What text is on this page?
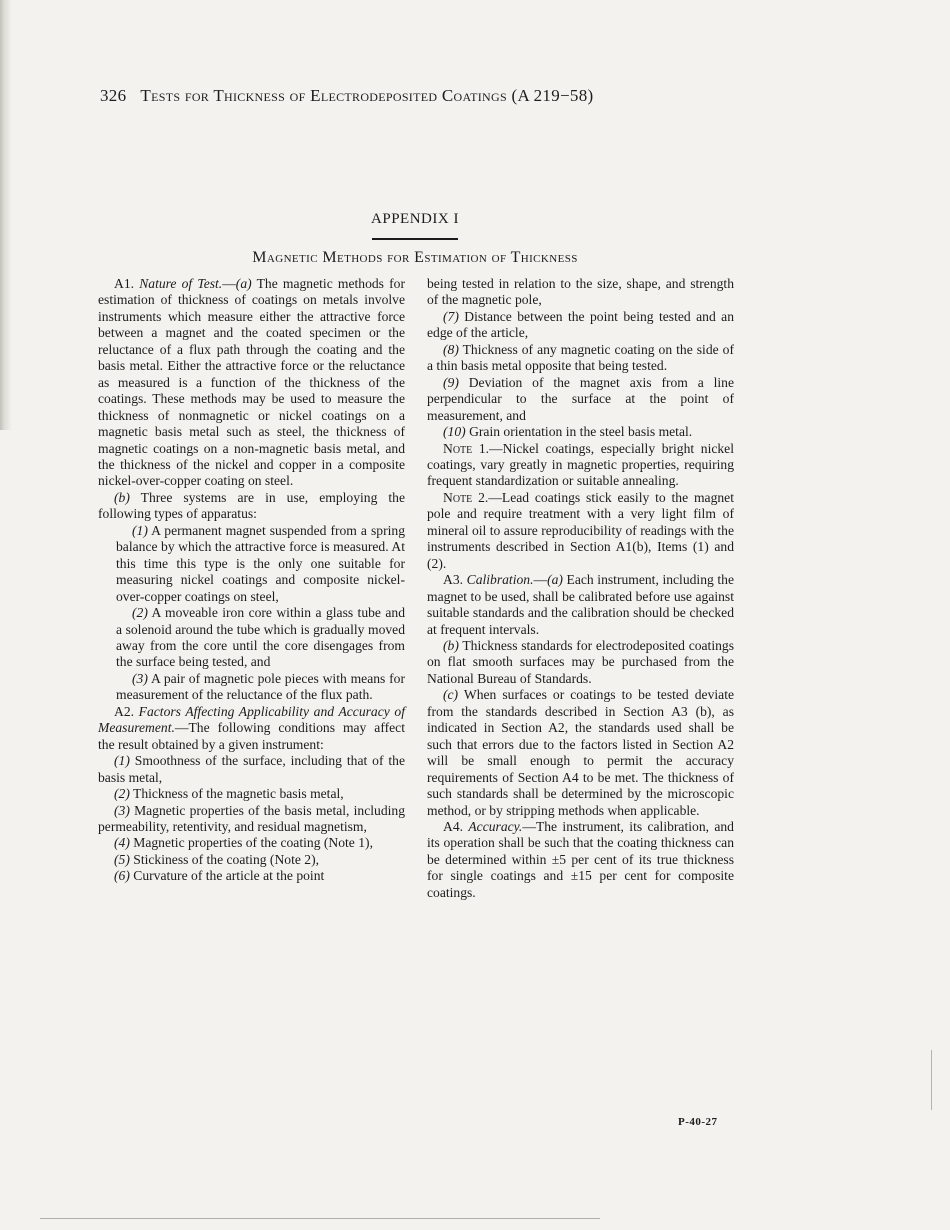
326 Tests for Thickness of Electrodeposited Coatings (A 219−58)
APPENDIX I
Magnetic Methods for Estimation of Thickness

A1. Nature of Test.—(a) The magnetic methods for estimation of thickness of coatings on metals involve instruments which measure either the attractive force between a magnet and the coated specimen or the reluctance of a flux path through the coating and the basis metal. Either the attractive force or the reluctance as measured is a function of the thickness of the coatings. These methods may be used to measure the thickness of nonmagnetic or nickel coatings on a magnetic basis metal such as steel, the thickness of magnetic coatings on a non-magnetic basis metal, and the thickness of the nickel and copper in a composite nickel-over-copper coating on steel.

(b) Three systems are in use, employing the following types of apparatus:

(1) A permanent magnet suspended from a spring balance by which the attractive force is measured. At this time this type is the only one suitable for measuring nickel coatings and composite nickel-over-copper coatings on steel,

(2) A moveable iron core within a glass tube and a solenoid around the tube which is gradually moved away from the core until the core disengages from the surface being tested, and

(3) A pair of magnetic pole pieces with means for measurement of the reluctance of the flux path.

A2. Factors Affecting Applicability and Accuracy of Measurement.—The following conditions may affect the result obtained by a given instrument:

(1) Smoothness of the surface, including that of the basis metal,

(2) Thickness of the magnetic basis metal,

(3) Magnetic properties of the basis metal, including permeability, retentivity, and residual magnetism,

(4) Magnetic properties of the coating (Note 1),

(5) Stickiness of the coating (Note 2),

(6) Curvature of the article at the point

being tested in relation to the size, shape, and strength of the magnetic pole,

(7) Distance between the point being tested and an edge of the article,

(8) Thickness of any magnetic coating on the side of a thin basis metal opposite that being tested.

(9) Deviation of the magnet axis from a line perpendicular to the surface at the point of measurement, and

(10) Grain orientation in the steel basis metal.

Note 1.—Nickel coatings, especially bright nickel coatings, vary greatly in magnetic properties, requiring frequent standardization or suitable annealing.

Note 2.—Lead coatings stick easily to the magnet pole and require treatment with a very light film of mineral oil to assure reproducibility of readings with the instruments described in Section A1(b), Items (1) and (2).

A3. Calibration.—(a) Each instrument, including the magnet to be used, shall be calibrated before use against suitable standards and the calibration should be checked at frequent intervals.

(b) Thickness standards for electrodeposited coatings on flat smooth surfaces may be purchased from the National Bureau of Standards.

(c) When surfaces or coatings to be tested deviate from the standards described in Section A3 (b), as indicated in Section A2, the standards used shall be such that errors due to the factors listed in Section A2 will be small enough to permit the accuracy requirements of Section A4 to be met. The thickness of such standards shall be determined by the microscopic method, or by stripping methods when applicable.

A4. Accuracy.—The instrument, its calibration, and its operation shall be such that the coating thickness can be determined within ±5 per cent of its true thickness for single coatings and ±15 per cent for composite coatings.

P-40-27
